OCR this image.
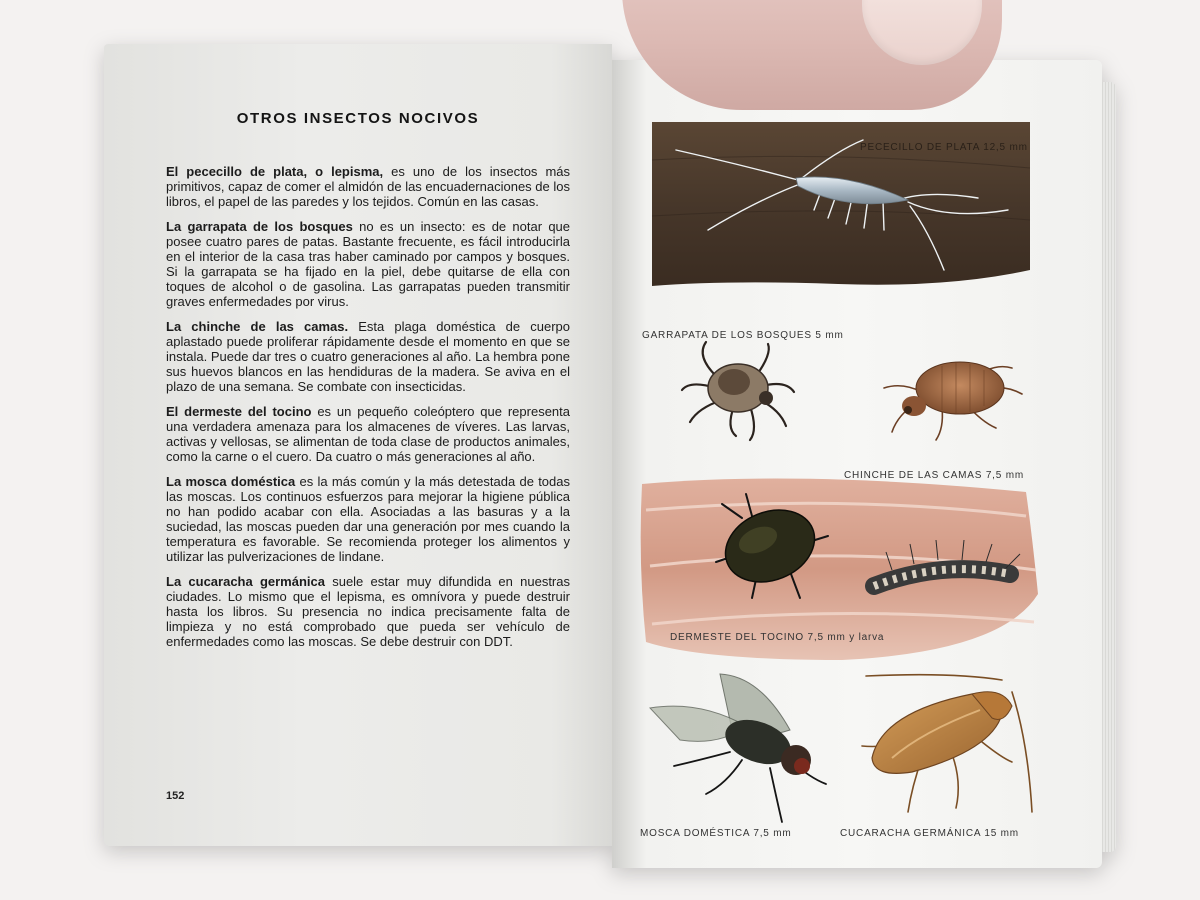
OTROS INSECTOS NOCIVOS

El pececillo de plata, o lepisma, es uno de los insectos más primitivos, capaz de comer el almidón de las encuadernaciones de los libros, el papel de las paredes y los tejidos. Común en las casas.

La garrapata de los bosques no es un insecto: es de notar que posee cuatro pares de patas. Bastante frecuente, es fácil introducirla en el interior de la casa tras haber caminado por campos y bosques. Si la garrapata se ha fijado en la piel, debe quitarse de ella con toques de alcohol o de gasolina. Las garrapatas pueden transmitir graves enfermedades por virus.

La chinche de las camas. Esta plaga doméstica de cuerpo aplastado puede proliferar rápidamente desde el momento en que se instala. Puede dar tres o cuatro generaciones al año. La hembra pone sus huevos blancos en las hendiduras de la madera. Se aviva en el plazo de una semana. Se combate con insecticidas.

El dermeste del tocino es un pequeño coleóptero que representa una verdadera amenaza para los almacenes de víveres. Las larvas, activas y vellosas, se alimentan de toda clase de productos animales, como la carne o el cuero. Da cuatro o más generaciones al año.

La mosca doméstica es la más común y la más detestada de todas las moscas. Los continuos esfuerzos para mejorar la higiene pública no han podido acabar con ella. Asociadas a las basuras y a la suciedad, las moscas pueden dar una generación por mes cuando la temperatura es favorable. Se recomienda proteger los alimentos y utilizar las pulverizaciones de lindane.

La cucaracha germánica suele estar muy difundida en nuestras ciudades. Lo mismo que el lepisma, es omnívora y puede destruir hasta los libros. Su presencia no indica precisamente falta de limpieza y no está comprobado que pueda ser vehículo de enfermedades como las moscas. Se debe destruir con DDT.

152
PECECILLO DE PLATA 12,5 mm
GARRAPATA DE LOS BOSQUES 5 mm
CHINCHE DE LAS CAMAS 7,5 mm
DERMESTE DEL TOCINO 7,5 mm y larva
MOSCA DOMÉSTICA 7,5 mm	CUCARACHA GERMÁNICA 15 mm
